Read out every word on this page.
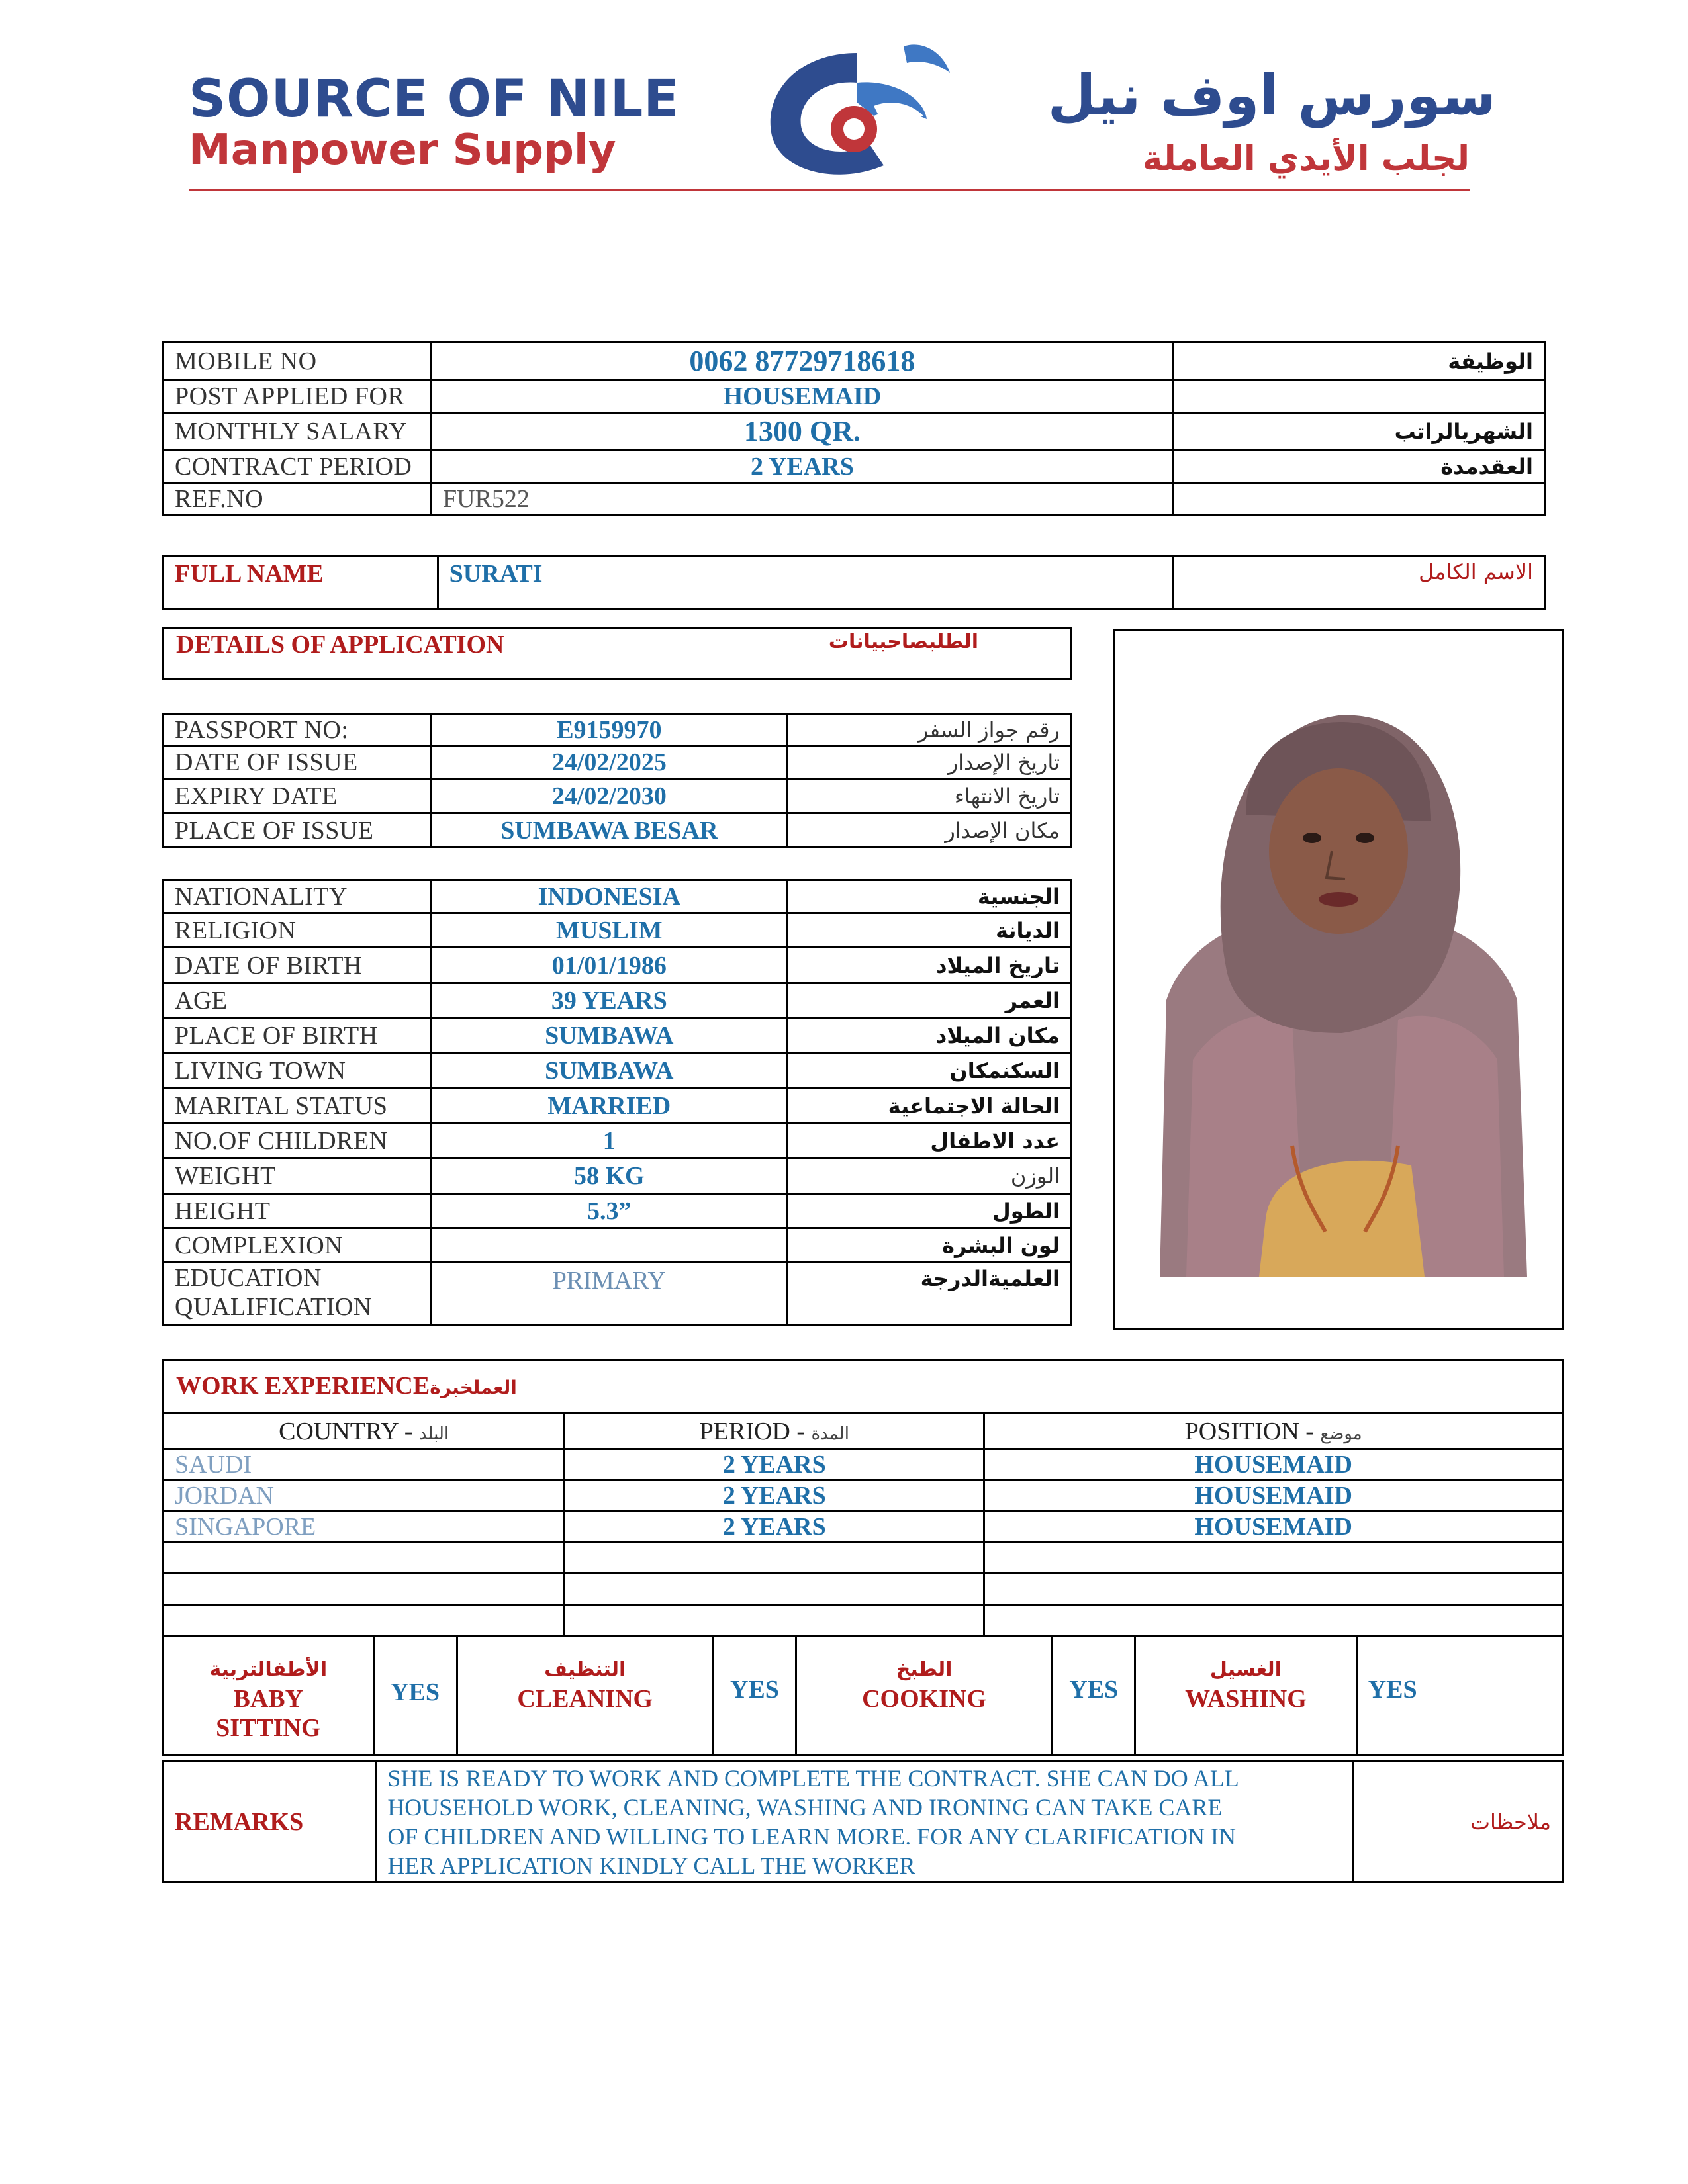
SOURCE OF NILE
Manpower Supply
سورس اوف نيل
لجلب الأيدي العاملة
MOBILE NO	0062 87729718618	الوظيفة
POST APPLIED FOR	HOUSEMAID	
MONTHLY SALARY	1300 QR.	الشهريالراتب
CONTRACT PERIOD	2 YEARS	العقدمدة
REF.NO	FUR522	
FULL NAME	SURATI	الاسم الكامل
DETAILS OF APPLICATION	الطلبصاحبيانات
PASSPORT NO:	E9159970	رقم جواز السفر
DATE OF ISSUE	24/02/2025	تاريخ الإصدار
EXPIRY DATE	24/02/2030	تاريخ الانتهاء
PLACE OF ISSUE	SUMBAWA BESAR	مكان الإصدار
NATIONALITY	INDONESIA	الجنسية
RELIGION	MUSLIM	الديانة
DATE OF BIRTH	01/01/1986	تاريخ الميلاد
AGE	39 YEARS	العمر
PLACE OF BIRTH	SUMBAWA	مكان الميلاد
LIVING TOWN	SUMBAWA	السكنمكان
MARITAL STATUS	MARRIED	الحالة الاجتماعية
NO.OF CHILDREN	1	عدد الاطفال
WEIGHT	58 KG	الوزن
HEIGHT	5.3”	الطول
COMPLEXION		لون البشرة

EDUCATION
QUALIFICATION	PRIMARY	العلميةالدرجة
WORK EXPERIENCEالعملخبرة
COUNTRY - البلد	PERIOD - المدة	POSITION - موضع
SAUDI	2 YEARS	HOUSEMAID
JORDAN	2 YEARS	HOUSEMAID
SINGAPORE	2 YEARS	HOUSEMAID

الأطفالتربية
BABY
SITTING
	YES	
التنظيف
CLEANING	YES	
الطبخ
COOKING	YES	
الغسيل
WASHING	YES
REMARKS	
SHE IS READY TO WORK AND COMPLETE THE CONTRACT. SHE CAN DO ALL
HOUSEHOLD WORK, CLEANING, WASHING AND IRONING CAN TAKE CARE
OF CHILDREN AND WILLING TO LEARN MORE. FOR ANY CLARIFICATION IN
HER APPLICATION KINDLY CALL THE WORKER
	ملاحظات
